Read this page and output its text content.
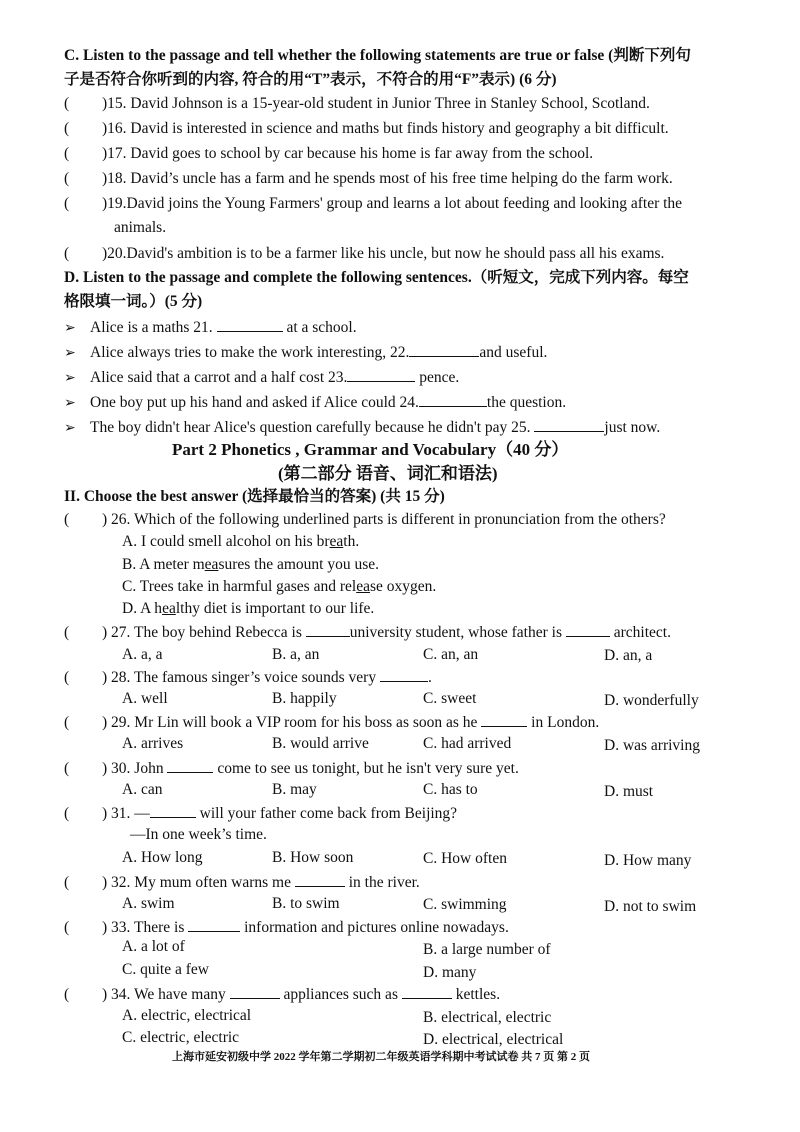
C. Listen to the passage and tell whether the following statements are true or false (判断下列句
子是否符合你听到的内容, 符合的用“T”表示，不符合的用“F”表示) (6 分)
( )15. David Johnson is a 15-year-old student in Junior Three in Stanley School, Scotland.
( )16. David is interested in science and maths but finds history and geography a bit difficult.
( )17. David goes to school by car because his home is far away from the school.
( )18. David’s uncle has a farm and he spends most of his free time helping do the farm work.
( )19.David joins the Young Farmers' group and learns a lot about feeding and looking after the
animals.
( )20.David's ambition is to be a farmer like his uncle, but now he should pass all his exams.
D. Listen to the passage and complete the following sentences.（听短文，完成下列内容。每空
格限填一词。）(5 分)
➢ Alice is a maths 21.	at a school.
➢ Alice always tries to make the work interesting, 22.	and useful.
➢ Alice said that a carrot and a half cost 23.	pence.
➢ One boy put up his hand and asked if Alice could 24.	the question.
➢ The boy didn't hear Alice's question carefully because he didn't pay 25.	just now.
Part 2 Phonetics , Grammar and Vocabulary（40 分）
(第二部分 语音、词汇和语法)
II. Choose the best answer (选择最恰当的答案) (共 15 分)
( ) 26. Which of the following underlined parts is different in pronunciation from the others?
A. I could smell alcohol on his breath.
B. A meter measures the amount you use.
C. Trees take in harmful gases and release oxygen.
D. A healthy diet is important to our life.
( ) 27. The boy behind Rebecca is	university student, whose father is	architect.
A. a, a	B. a, an	C. an, an	D. an, a
( ) 28. The famous singer’s voice sounds very	.
A. well	B. happily	C. sweet	D. wonderfully
( ) 29. Mr Lin will book a VIP room for his boss as soon as he	in London.
A. arrives	B. would arrive	C. had arrived	D. was arriving
( ) 30. John	come to see us tonight, but he isn't very sure yet.
A. can	B. may	C. has to	D. must
( ) 31. —	will your father come back from Beijing?
—In one week’s time.
A. How long	B. How soon	C. How often	D. How many
( ) 32. My mum often warns me	in the river.
A. swim	B. to swim	C. swimming	D. not to swim
( ) 33. There is	information and pictures online nowadays.
A. a lot of	B. a large number of
C. quite a few	D. many
( ) 34. We have many	appliances such as	kettles.
A. electric, electrical	B. electrical, electric
C. electric, electric	D. electrical, electrical
上海市延安初级中学 2022 学年第二学期初二年级英语学科期中考试试卷 共 7 页 第 2 页
